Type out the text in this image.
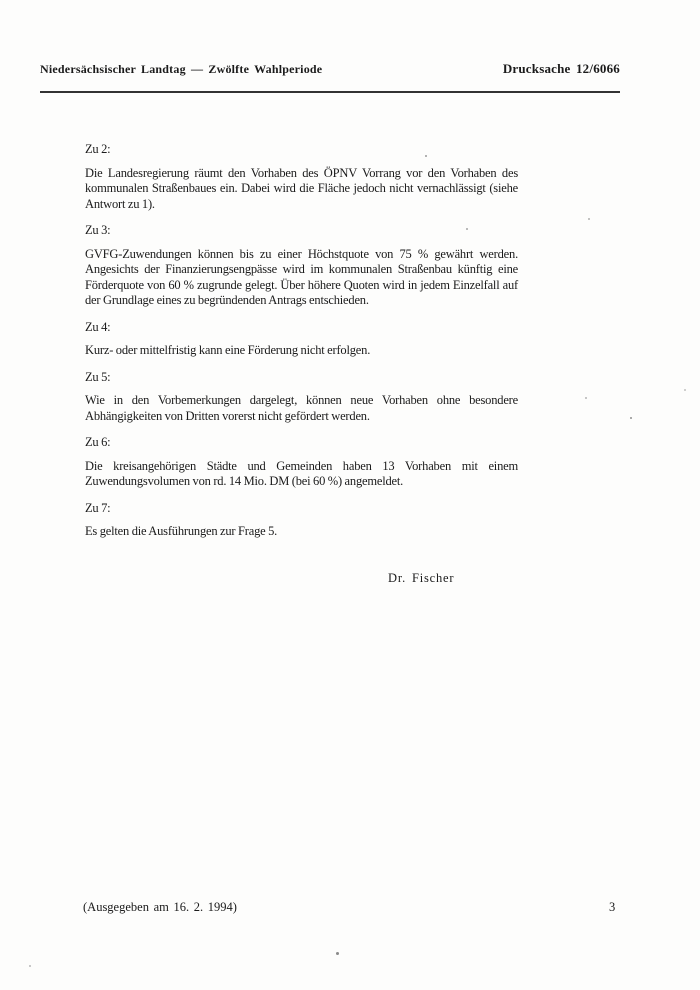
Niedersächsischer Landtag — Zwölfte Wahlperiode	Drucksache 12/6066

Zu 2:

Die Landesregierung räumt den Vorhaben des ÖPNV Vorrang vor den Vorhaben des kommunalen Straßenbaues ein. Dabei wird die Fläche jedoch nicht vernachlässigt (siehe Antwort zu 1).

Zu 3:

GVFG-Zuwendungen können bis zu einer Höchstquote von 75 % gewährt werden. Angesichts der Finanzierungsengpässe wird im kommunalen Straßenbau künftig eine Förderquote von 60 % zugrunde gelegt. Über höhere Quoten wird in jedem Einzelfall auf der Grundlage eines zu begründenden Antrags entschieden.

Zu 4:

Kurz- oder mittelfristig kann eine Förderung nicht erfolgen.

Zu 5:

Wie in den Vorbemerkungen dargelegt, können neue Vorhaben ohne besondere Abhängigkeiten von Dritten vorerst nicht gefördert werden.

Zu 6:

Die kreisangehörigen Städte und Gemeinden haben 13 Vorhaben mit einem Zuwendungsvolumen von rd. 14 Mio. DM (bei 60 %) angemeldet.

Zu 7:

Es gelten die Ausführungen zur Frage 5.

Dr. Fischer
(Ausgegeben am 16. 2. 1994)	3
